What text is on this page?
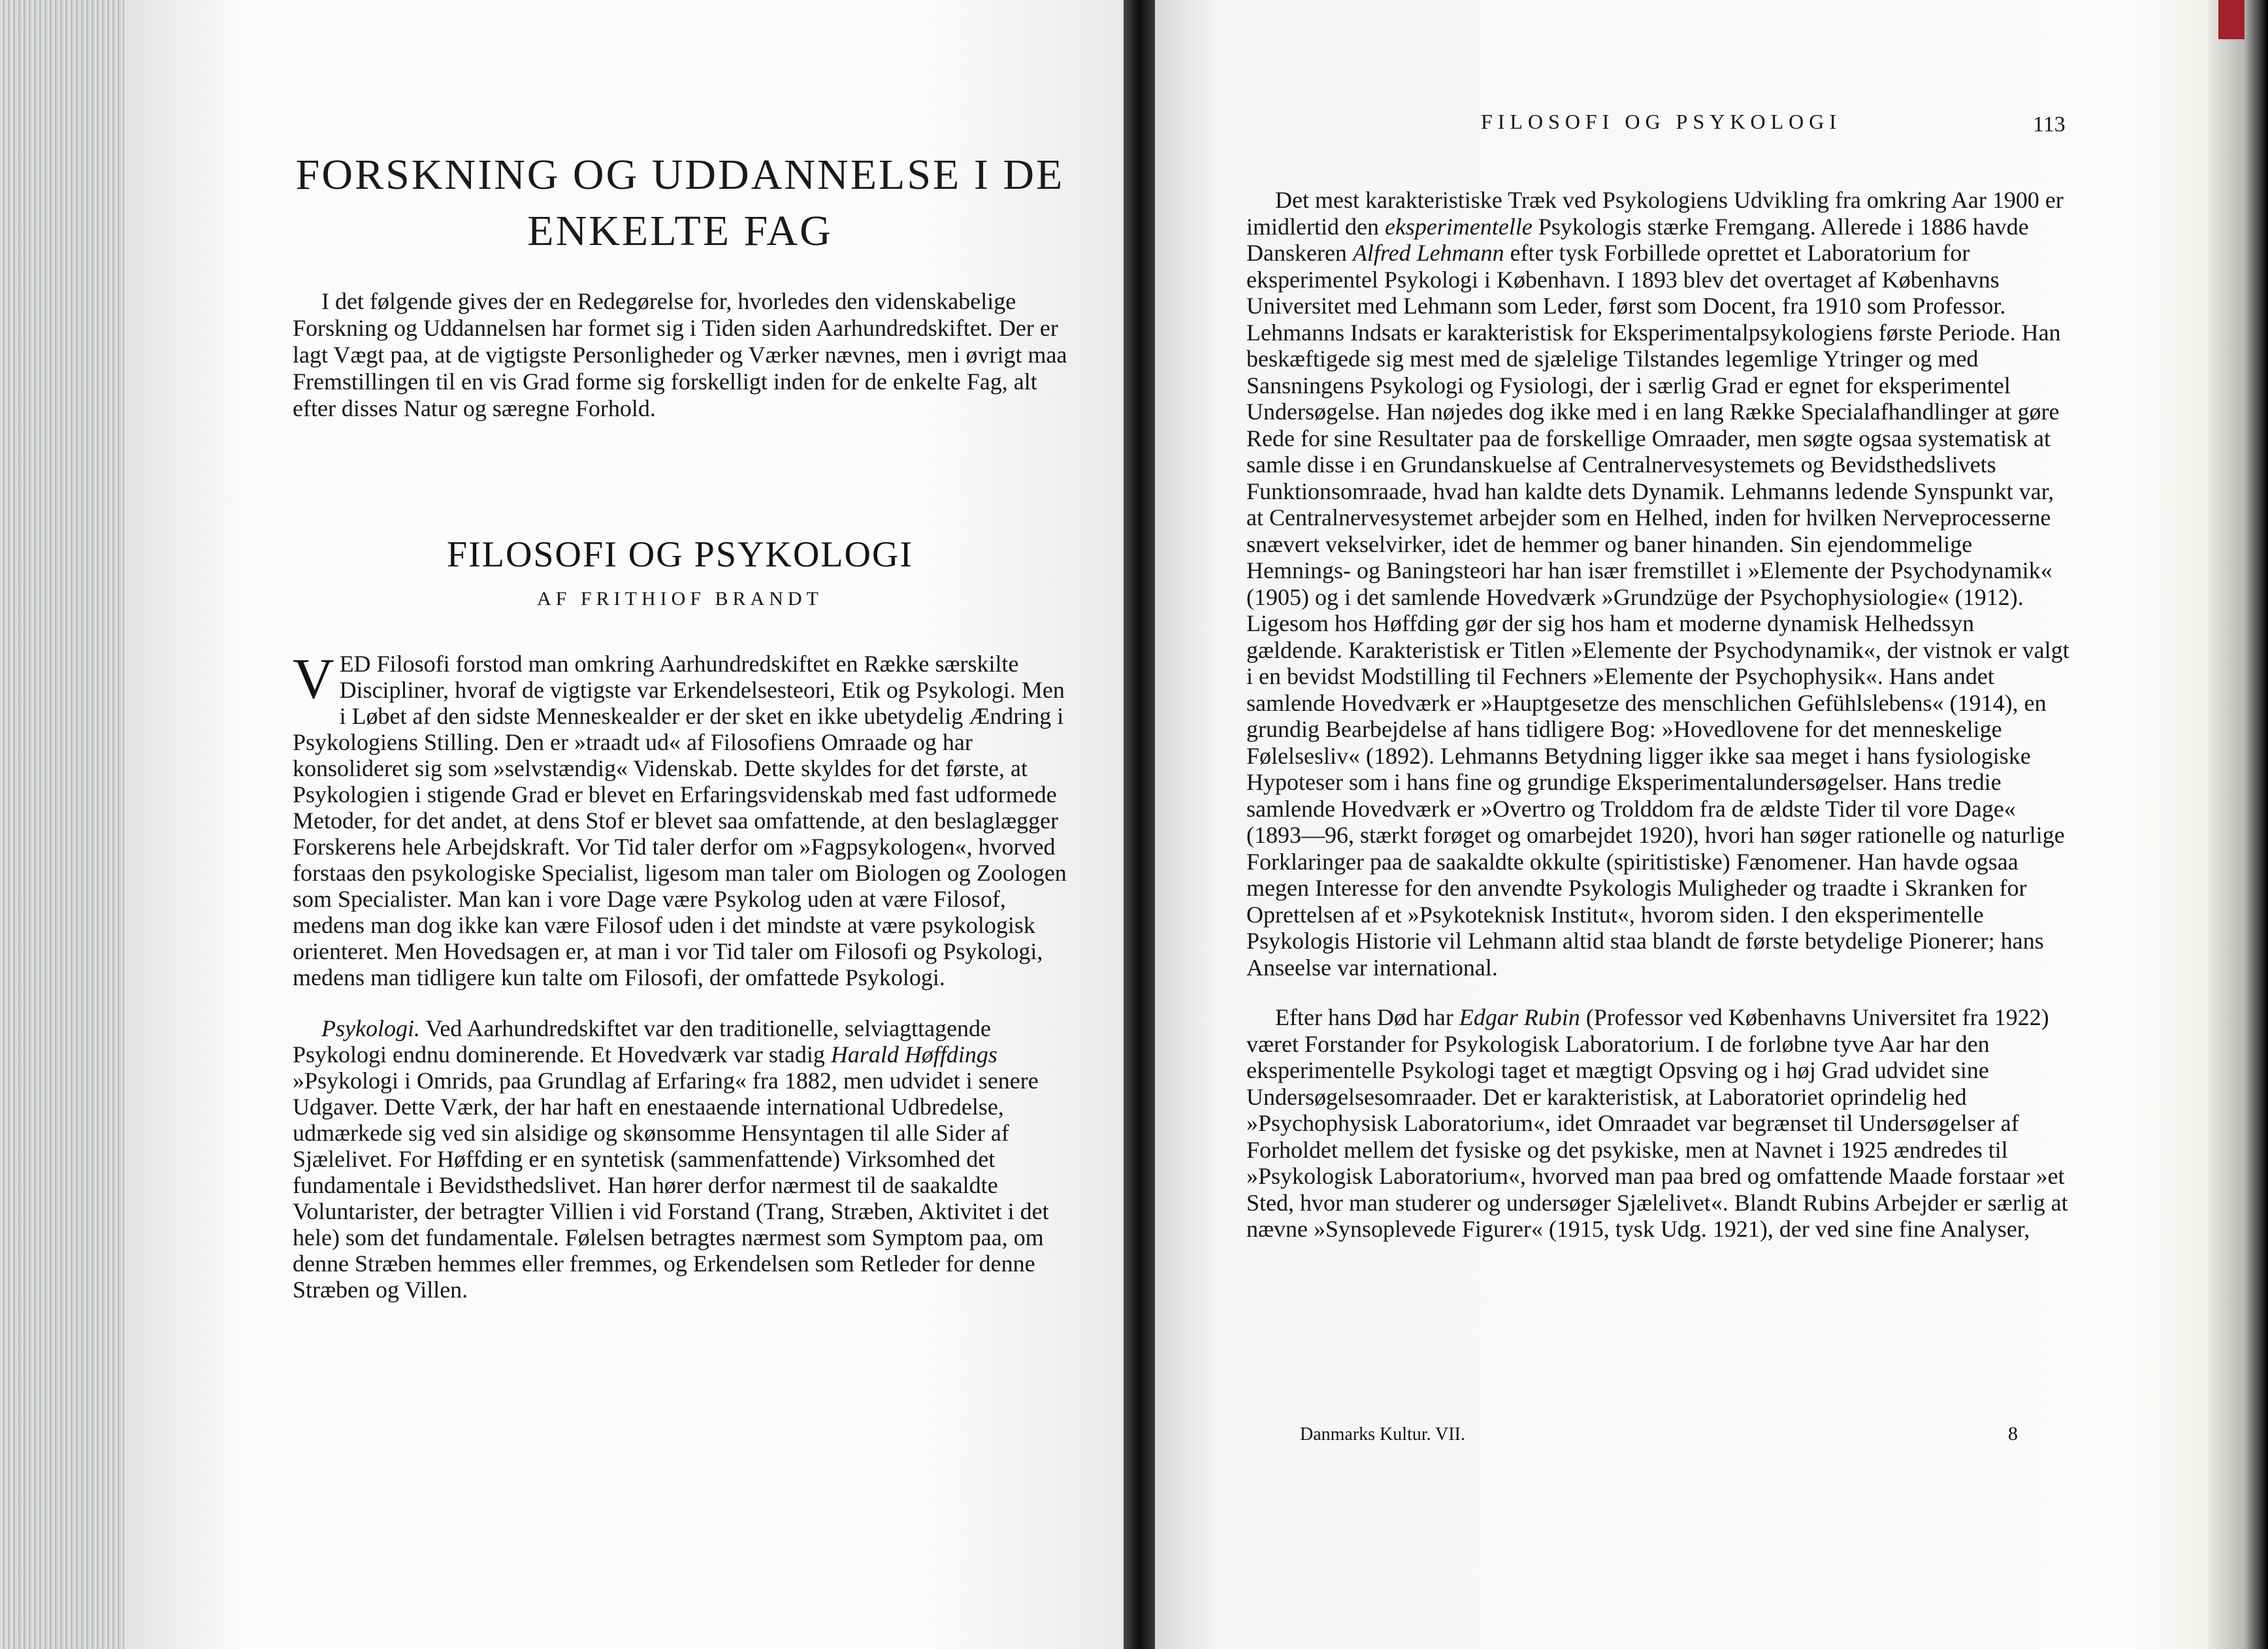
FORSKNING OG UDDANNELSE I DE ENKELTE FAG

I det følgende gives der en Redegørelse for, hvorledes den videnskabelige Forskning og Uddannelsen har formet sig i Tiden siden Aarhundredskiftet. Der er lagt Vægt paa, at de vigtigste Personligheder og Værker nævnes, men i øvrigt maa Fremstillingen til en vis Grad forme sig forskelligt inden for de enkelte Fag, alt efter disses Natur og særegne Forhold.

FILOSOFI OG PSYKOLOGI
AF FRITHIOF BRANDT

VED Filosofi forstod man omkring Aarhundredskiftet en Række særskilte Discipliner, hvoraf de vigtigste var Erkendelsesteori, Etik og Psykologi. Men i Løbet af den sidste Menneskealder er der sket en ikke ubetydelig Ændring i Psykologiens Stilling. Den er »traadt ud« af Filosofiens Omraade og har konsolideret sig som »selvstændig« Videnskab. Dette skyldes for det første, at Psykologien i stigende Grad er blevet en Erfaringsvidenskab med fast udformede Metoder, for det andet, at dens Stof er blevet saa omfattende, at den beslaglægger Forskerens hele Arbejdskraft. Vor Tid taler derfor om »Fagpsykologen«, hvorved forstaas den psykologiske Specialist, ligesom man taler om Biologen og Zoologen som Specialister. Man kan i vore Dage være Psykolog uden at være Filosof, medens man dog ikke kan være Filosof uden i det mindste at være psykologisk orienteret. Men Hovedsagen er, at man i vor Tid taler om Filosofi og Psykologi, medens man tidligere kun talte om Filosofi, der omfattede Psykologi.

Psykologi. Ved Aarhundredskiftet var den traditionelle, selviagttagende Psykologi endnu dominerende. Et Hovedværk var stadig Harald Høffdings »Psykologi i Omrids, paa Grundlag af Erfaring« fra 1882, men udvidet i senere Udgaver. Dette Værk, der har haft en enestaaende international Udbredelse, udmærkede sig ved sin alsidige og skønsomme Hensyntagen til alle Sider af Sjælelivet. For Høffding er en syntetisk (sammenfattende) Virksomhed det fundamentale i Bevidsthedslivet. Han hører derfor nærmest til de saakaldte Voluntarister, der betragter Villien i vid Forstand (Trang, Stræben, Aktivitet i det hele) som det fundamentale. Følelsen betragtes nærmest som Symptom paa, om denne Stræben hemmes eller fremmes, og Erkendelsen som Retleder for denne Stræben og Villen.

FILOSOFI OG PSYKOLOGI	113

Det mest karakteristiske Træk ved Psykologiens Udvikling fra omkring Aar 1900 er imidlertid den eksperimentelle Psykologis stærke Fremgang. Allerede i 1886 havde Danskeren Alfred Lehmann efter tysk Forbillede oprettet et Laboratorium for eksperimentel Psykologi i København. I 1893 blev det overtaget af Københavns Universitet med Lehmann som Leder, først som Docent, fra 1910 som Professor. Lehmanns Indsats er karakteristisk for Eksperimentalpsykologiens første Periode. Han beskæftigede sig mest med de sjælelige Tilstandes legemlige Ytringer og med Sansningens Psykologi og Fysiologi, der i særlig Grad er egnet for eksperimentel Undersøgelse. Han nøjedes dog ikke med i en lang Række Specialafhandlinger at gøre Rede for sine Resultater paa de forskellige Omraader, men søgte ogsaa systematisk at samle disse i en Grundanskuelse af Centralnervesystemets og Bevidsthedslivets Funktionsomraade, hvad han kaldte dets Dynamik. Lehmanns ledende Synspunkt var, at Centralnervesystemet arbejder som en Helhed, inden for hvilken Nerveprocesserne snævert vekselvirker, idet de hemmer og baner hinanden. Sin ejendommelige Hemnings- og Baningsteori har han især fremstillet i »Elemente der Psychodynamik« (1905) og i det samlende Hovedværk »Grundzüge der Psychophysiologie« (1912). Ligesom hos Høffding gør der sig hos ham et moderne dynamisk Helhedssyn gældende. Karakteristisk er Titlen »Elemente der Psychodynamik«, der vistnok er valgt i en bevidst Modstilling til Fechners »Elemente der Psychophysik«. Hans andet samlende Hovedværk er »Hauptgesetze des menschlichen Gefühlslebens« (1914), en grundig Bearbejdelse af hans tidligere Bog: »Hovedlovene for det menneskelige Følelsesliv« (1892). Lehmanns Betydning ligger ikke saa meget i hans fysiologiske Hypoteser som i hans fine og grundige Eksperimentalundersøgelser. Hans tredie samlende Hovedværk er »Overtro og Trolddom fra de ældste Tider til vore Dage« (1893—96, stærkt forøget og omarbejdet 1920), hvori han søger rationelle og naturlige Forklaringer paa de saakaldte okkulte (spiritistiske) Fænomener. Han havde ogsaa megen Interesse for den anvendte Psykologis Muligheder og traadte i Skranken for Oprettelsen af et »Psykoteknisk Institut«, hvorom siden. I den eksperimentelle Psykologis Historie vil Lehmann altid staa blandt de første betydelige Pionerer; hans Anseelse var international.

Efter hans Død har Edgar Rubin (Professor ved Københavns Universitet fra 1922) været Forstander for Psykologisk Laboratorium. I de forløbne tyve Aar har den eksperimentelle Psykologi taget et mægtigt Opsving og i høj Grad udvidet sine Undersøgelsesomraader. Det er karakteristisk, at Laboratoriet oprindelig hed »Psychophysisk Laboratorium«, idet Omraadet var begrænset til Undersøgelser af Forholdet mellem det fysiske og det psykiske, men at Navnet i 1925 ændredes til »Psykologisk Laboratorium«, hvorved man paa bred og omfattende Maade forstaar »et Sted, hvor man studerer og undersøger Sjælelivet«. Blandt Rubins Arbejder er særlig at nævne »Synsoplevede Figurer« (1915, tysk Udg. 1921), der ved sine fine Analyser,

Danmarks Kultur. VII.	8
